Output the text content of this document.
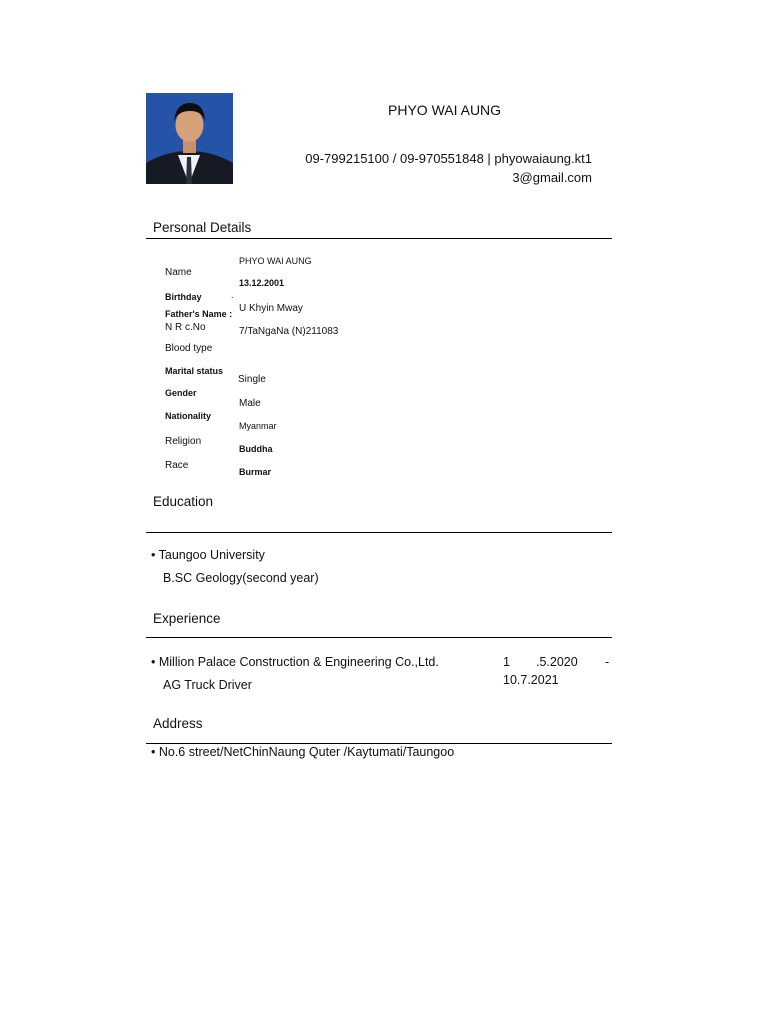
PHYO WAI AUNG
09-799215100 / 09-970551848 | phyowaiaung.kt1
3@gmail.com
Personal Details
Name
Birthday	.
Father's Name :
N R c.No
Blood type
Marital status
Gender
Nationality
Religion
Race
PHYO WAI AUNG
13.12.2001
U Khyin Mway
7/TaNgaNa (N)211083
Single
Male
Myanmar
Buddha
Burmar
Education
• Taungoo University
B.SC Geology(second year)
Experience
• Million Palace Construction & Engineering Co.,Ltd.
AG Truck Driver
1 .5.2020 -
10.7.2021
Address
• No.6 street/NetChinNaung Quter /Kaytumati/Taungoo
